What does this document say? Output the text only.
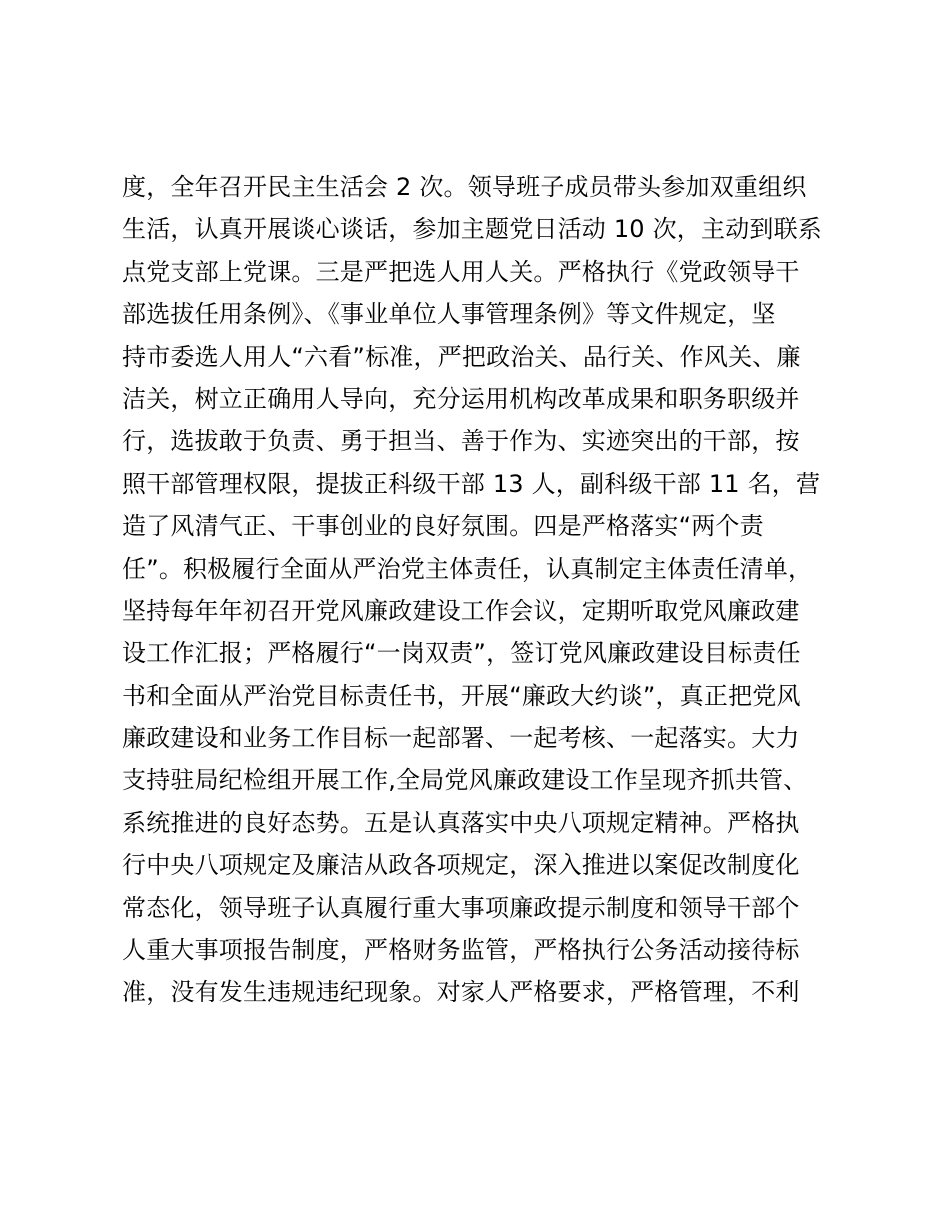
度，全年召开民主生活会 2 次。领导班子成员带头参加双重组织
生活，认真开展谈心谈话，参加主题党日活动 10 次，主动到联系
点党支部上党课。三是严把选人用人关。严格执行《党政领导干
部选拔任用条例》、《事业单位人事管理条例》等文件规定，坚
持市委选人用人“六看”标准，严把政治关、品行关、作风关、廉
洁关，树立正确用人导向，充分运用机构改革成果和职务职级并
行，选拔敢于负责、勇于担当、善于作为、实迹突出的干部，按
照干部管理权限，提拔正科级干部 13 人，副科级干部 11 名，营
造了风清气正、干事创业的良好氛围。四是严格落实“两个责
任”。积极履行全面从严治党主体责任，认真制定主体责任清单，
坚持每年年初召开党风廉政建设工作会议，定期听取党风廉政建
设工作汇报；严格履行“一岗双责”，签订党风廉政建设目标责任
书和全面从严治党目标责任书，开展“廉政大约谈”，真正把党风
廉政建设和业务工作目标一起部署、一起考核、一起落实。大力
支持驻局纪检组开展工作,全局党风廉政建设工作呈现齐抓共管、
系统推进的良好态势。五是认真落实中央八项规定精神。严格执
行中央八项规定及廉洁从政各项规定，深入推进以案促改制度化
常态化，领导班子认真履行重大事项廉政提示制度和领导干部个
人重大事项报告制度，严格财务监管，严格执行公务活动接待标
准，没有发生违规违纪现象。对家人严格要求，严格管理，不利
